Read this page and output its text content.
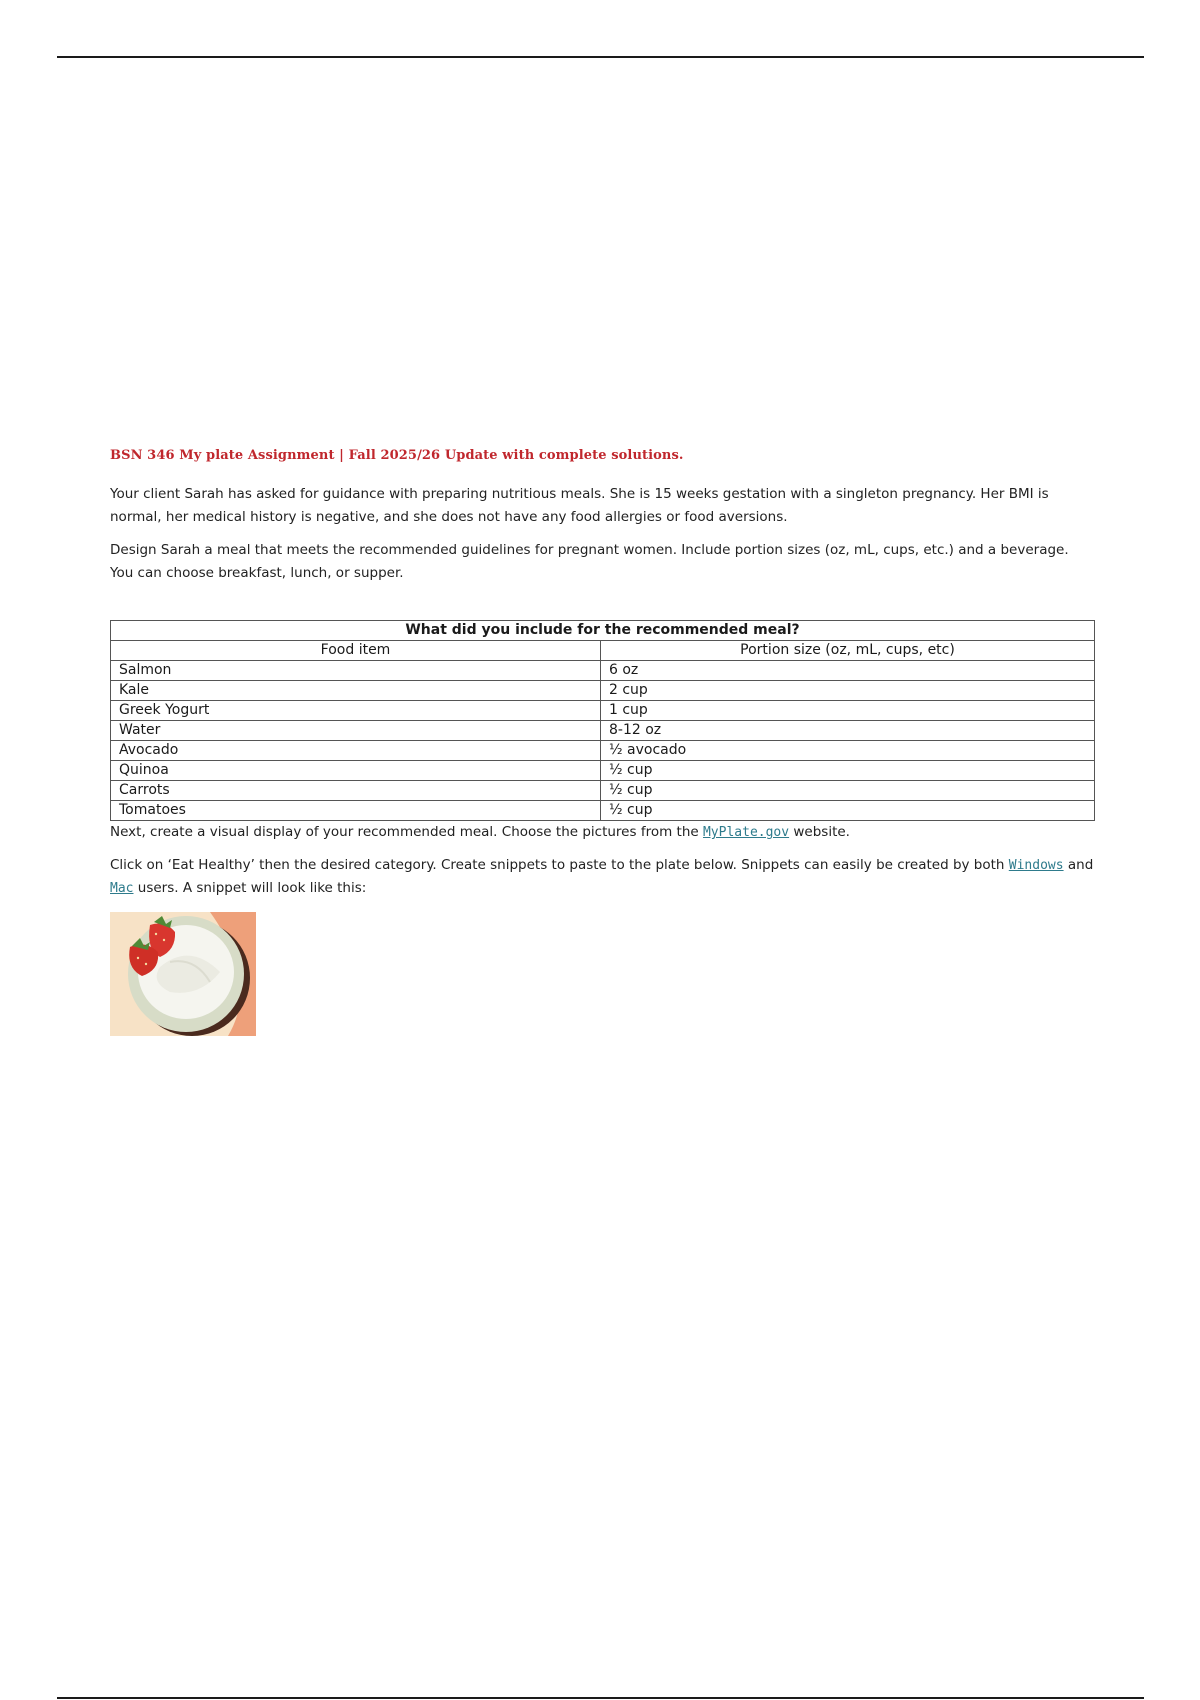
BSN 346 My plate Assignment | Fall 2025/26 Update with complete solutions.

Your client Sarah has asked for guidance with preparing nutritious meals. She is 15 weeks gestation with a singleton pregnancy. Her BMI is normal, her medical history is negative, and she does not have any food allergies or food aversions.

Design Sarah a meal that meets the recommended guidelines for pregnant women. Include portion sizes (oz, mL, cups, etc.) and a beverage. You can choose breakfast, lunch, or supper.

What did you include for the recommended meal?	
Food item	Portion size (oz, mL, cups, etc)
Salmon	6 oz
Kale	2 cup
Greek Yogurt	1 cup
Water	8-12 oz
Avocado	½ avocado
Quinoa	½ cup
Carrots	½ cup
Tomatoes	½ cup

Next, create a visual display of your recommended meal. Choose the pictures from the MyPlate.gov website.

Click on ‘Eat Healthy’ then the desired category. Create snippets to paste to the plate below. Snippets can easily be created by both Windows and Mac users. A snippet will look like this:
